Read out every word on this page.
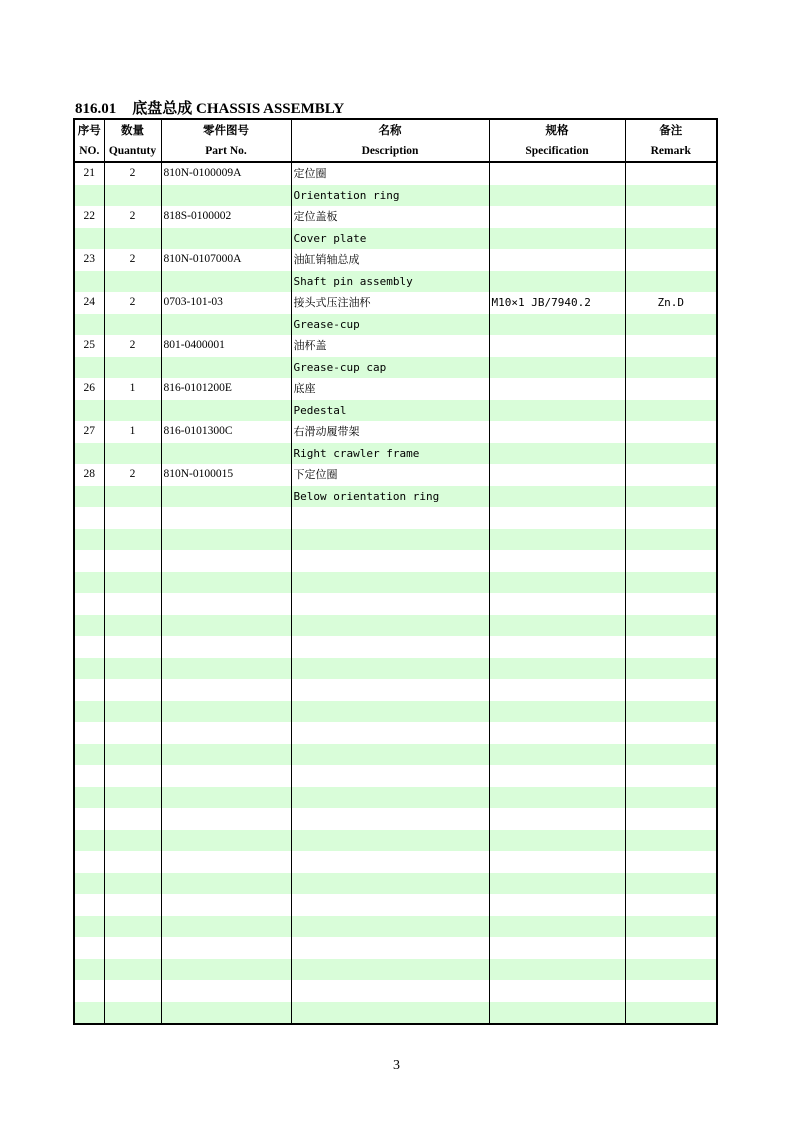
816.01 底盘总成 CHASSIS ASSEMBLY
序号	数量	零件图号	名称	规格	备注
NO.	Quantuty	Part No.	Description	Specification	Remark
21	2	810N-0100009A	定位圈		
			Orientation ring		
22	2	818S-0100002	定位盖板		
			Cover plate		
23	2	810N-0107000A	油缸销轴总成		
			Shaft pin assembly		
24	2	0703-101-03	接头式压注油杯	M10×1 JB/7940.2	Zn.D
			Grease-cup		
25	2	801-0400001	油杯盖		
			Grease-cup cap		
26	1	816-0101200E	底座		
			Pedestal		
27	1	816-0101300C	右滑动履带架		
			Right crawler frame		
28	2	810N-0100015	下定位圈		
			Below orientation ring		

3
